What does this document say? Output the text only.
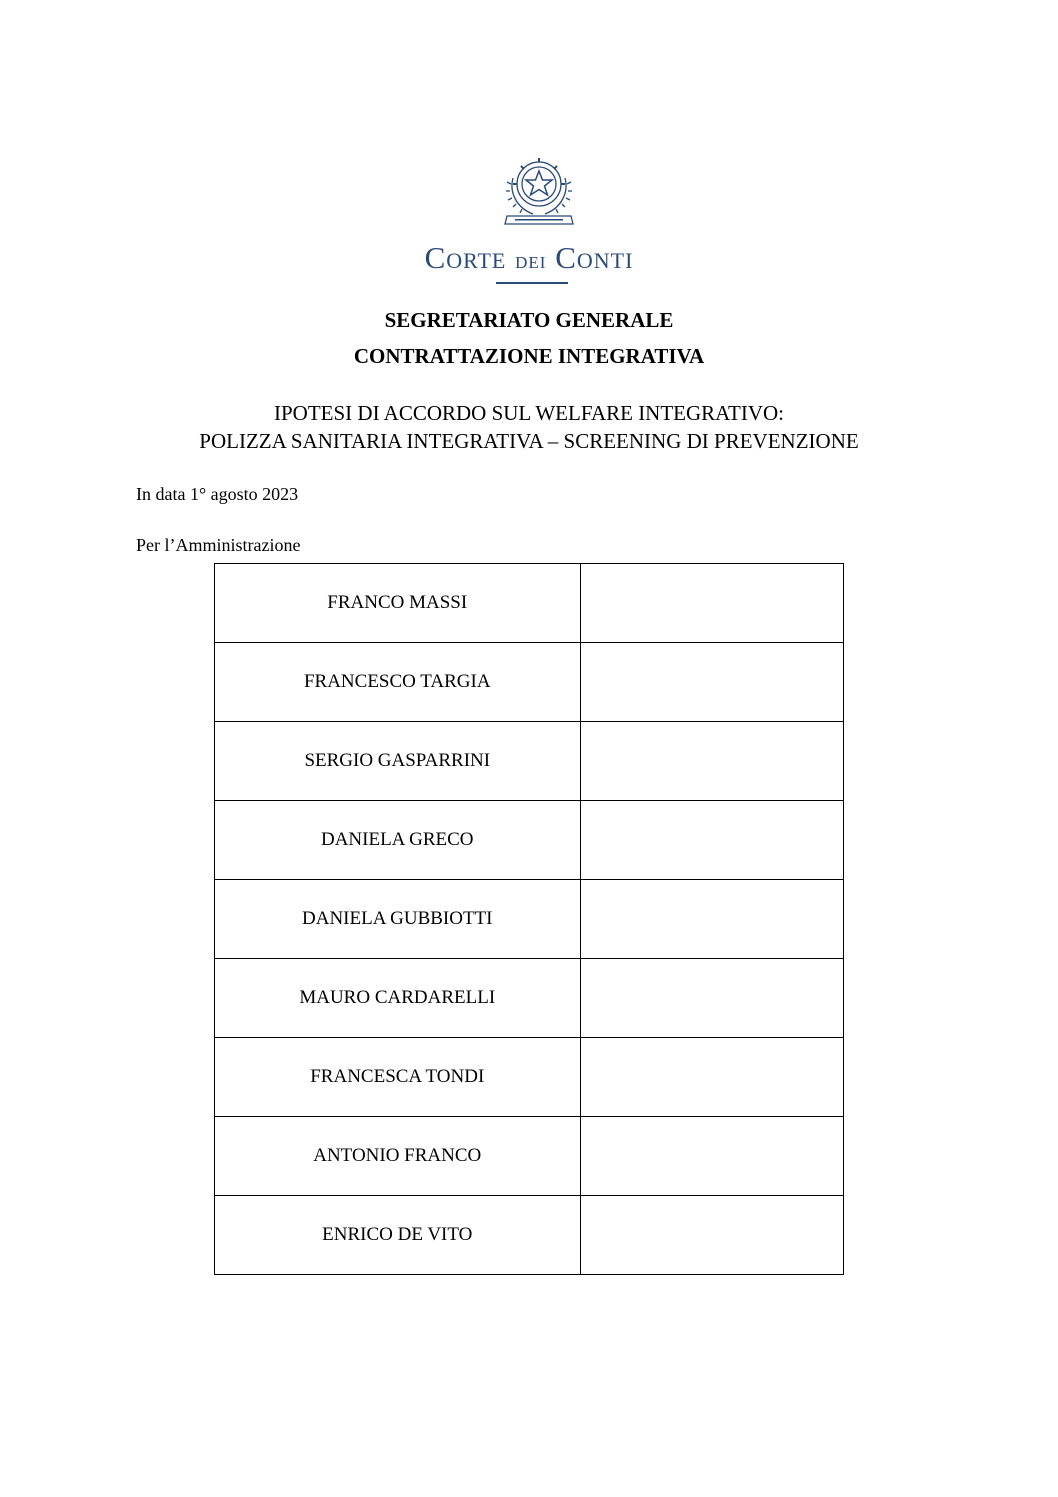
CORTE DEI CONTI
SEGRETARIATO GENERALE
CONTRATTAZIONE INTEGRATIVA
IPOTESI DI ACCORDO SUL WELFARE INTEGRATIVO:
POLIZZA SANITARIA INTEGRATIVA – SCREENING DI PREVENZIONE
In data 1° agosto 2023
Per l’Amministrazione
FRANCO MASSI	
FRANCESCO TARGIA	
SERGIO GASPARRINI	
DANIELA GRECO	
DANIELA GUBBIOTTI	
MAURO CARDARELLI	
FRANCESCA TONDI	
ANTONIO FRANCO	
ENRICO DE VITO	
